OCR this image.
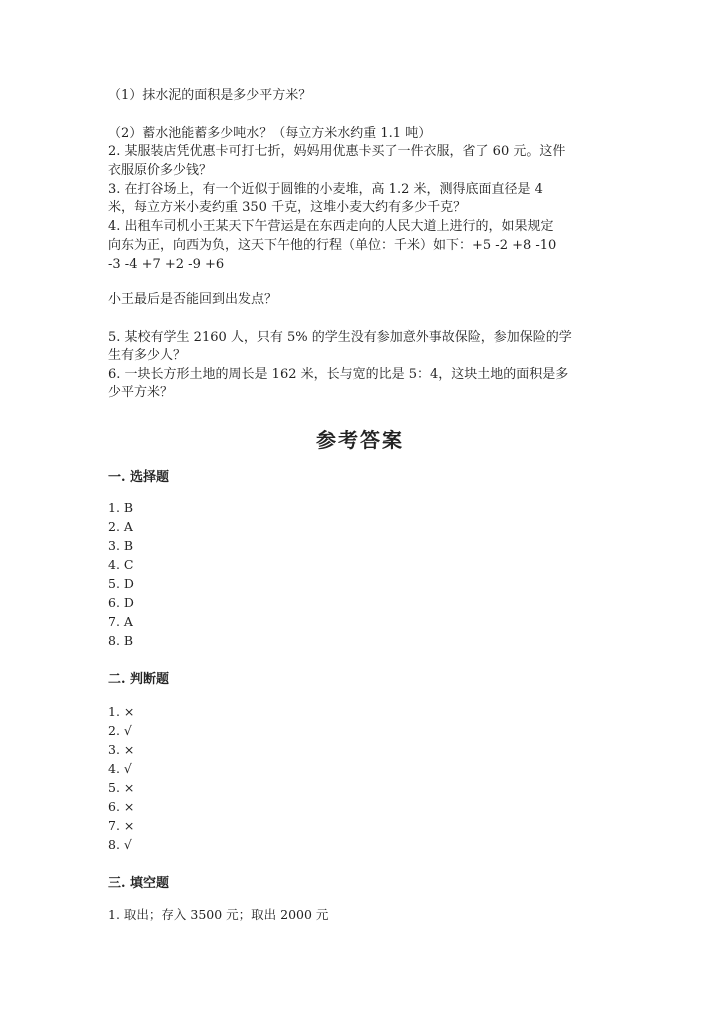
（1）抹水泥的面积是多少平方米？
（2）蓄水池能蓄多少吨水？（每立方米水约重 1.1 吨）
2. 某服装店凭优惠卡可打七折，妈妈用优惠卡买了一件衣服，省了 60 元。这件
衣服原价多少钱？
3. 在打谷场上，有一个近似于圆锥的小麦堆，高 1.2 米，测得底面直径是 4
米，每立方米小麦约重 350 千克，这堆小麦大约有多少千克？
4. 出租车司机小王某天下午营运是在东西走向的人民大道上进行的，如果规定
向东为正，向西为负，这天下午他的行程（单位：千米）如下：+5 -2 +8 -10
-3 -4 +7 +2 -9 +6
小王最后是否能回到出发点？
5. 某校有学生 2160 人，只有 5% 的学生没有参加意外事故保险，参加保险的学
生有多少人？
6. 一块长方形土地的周长是 162 米，长与宽的比是 5：4，这块土地的面积是多
少平方米？
参考答案
一. 选择题
1. B
2. A
3. B
4. C
5. D
6. D
7. A
8. B
二. 判断题
1. ×
2. √
3. ×
4. √
5. ×
6. ×
7. ×
8. √
三. 填空题
1. 取出；存入 3500 元；取出 2000 元
